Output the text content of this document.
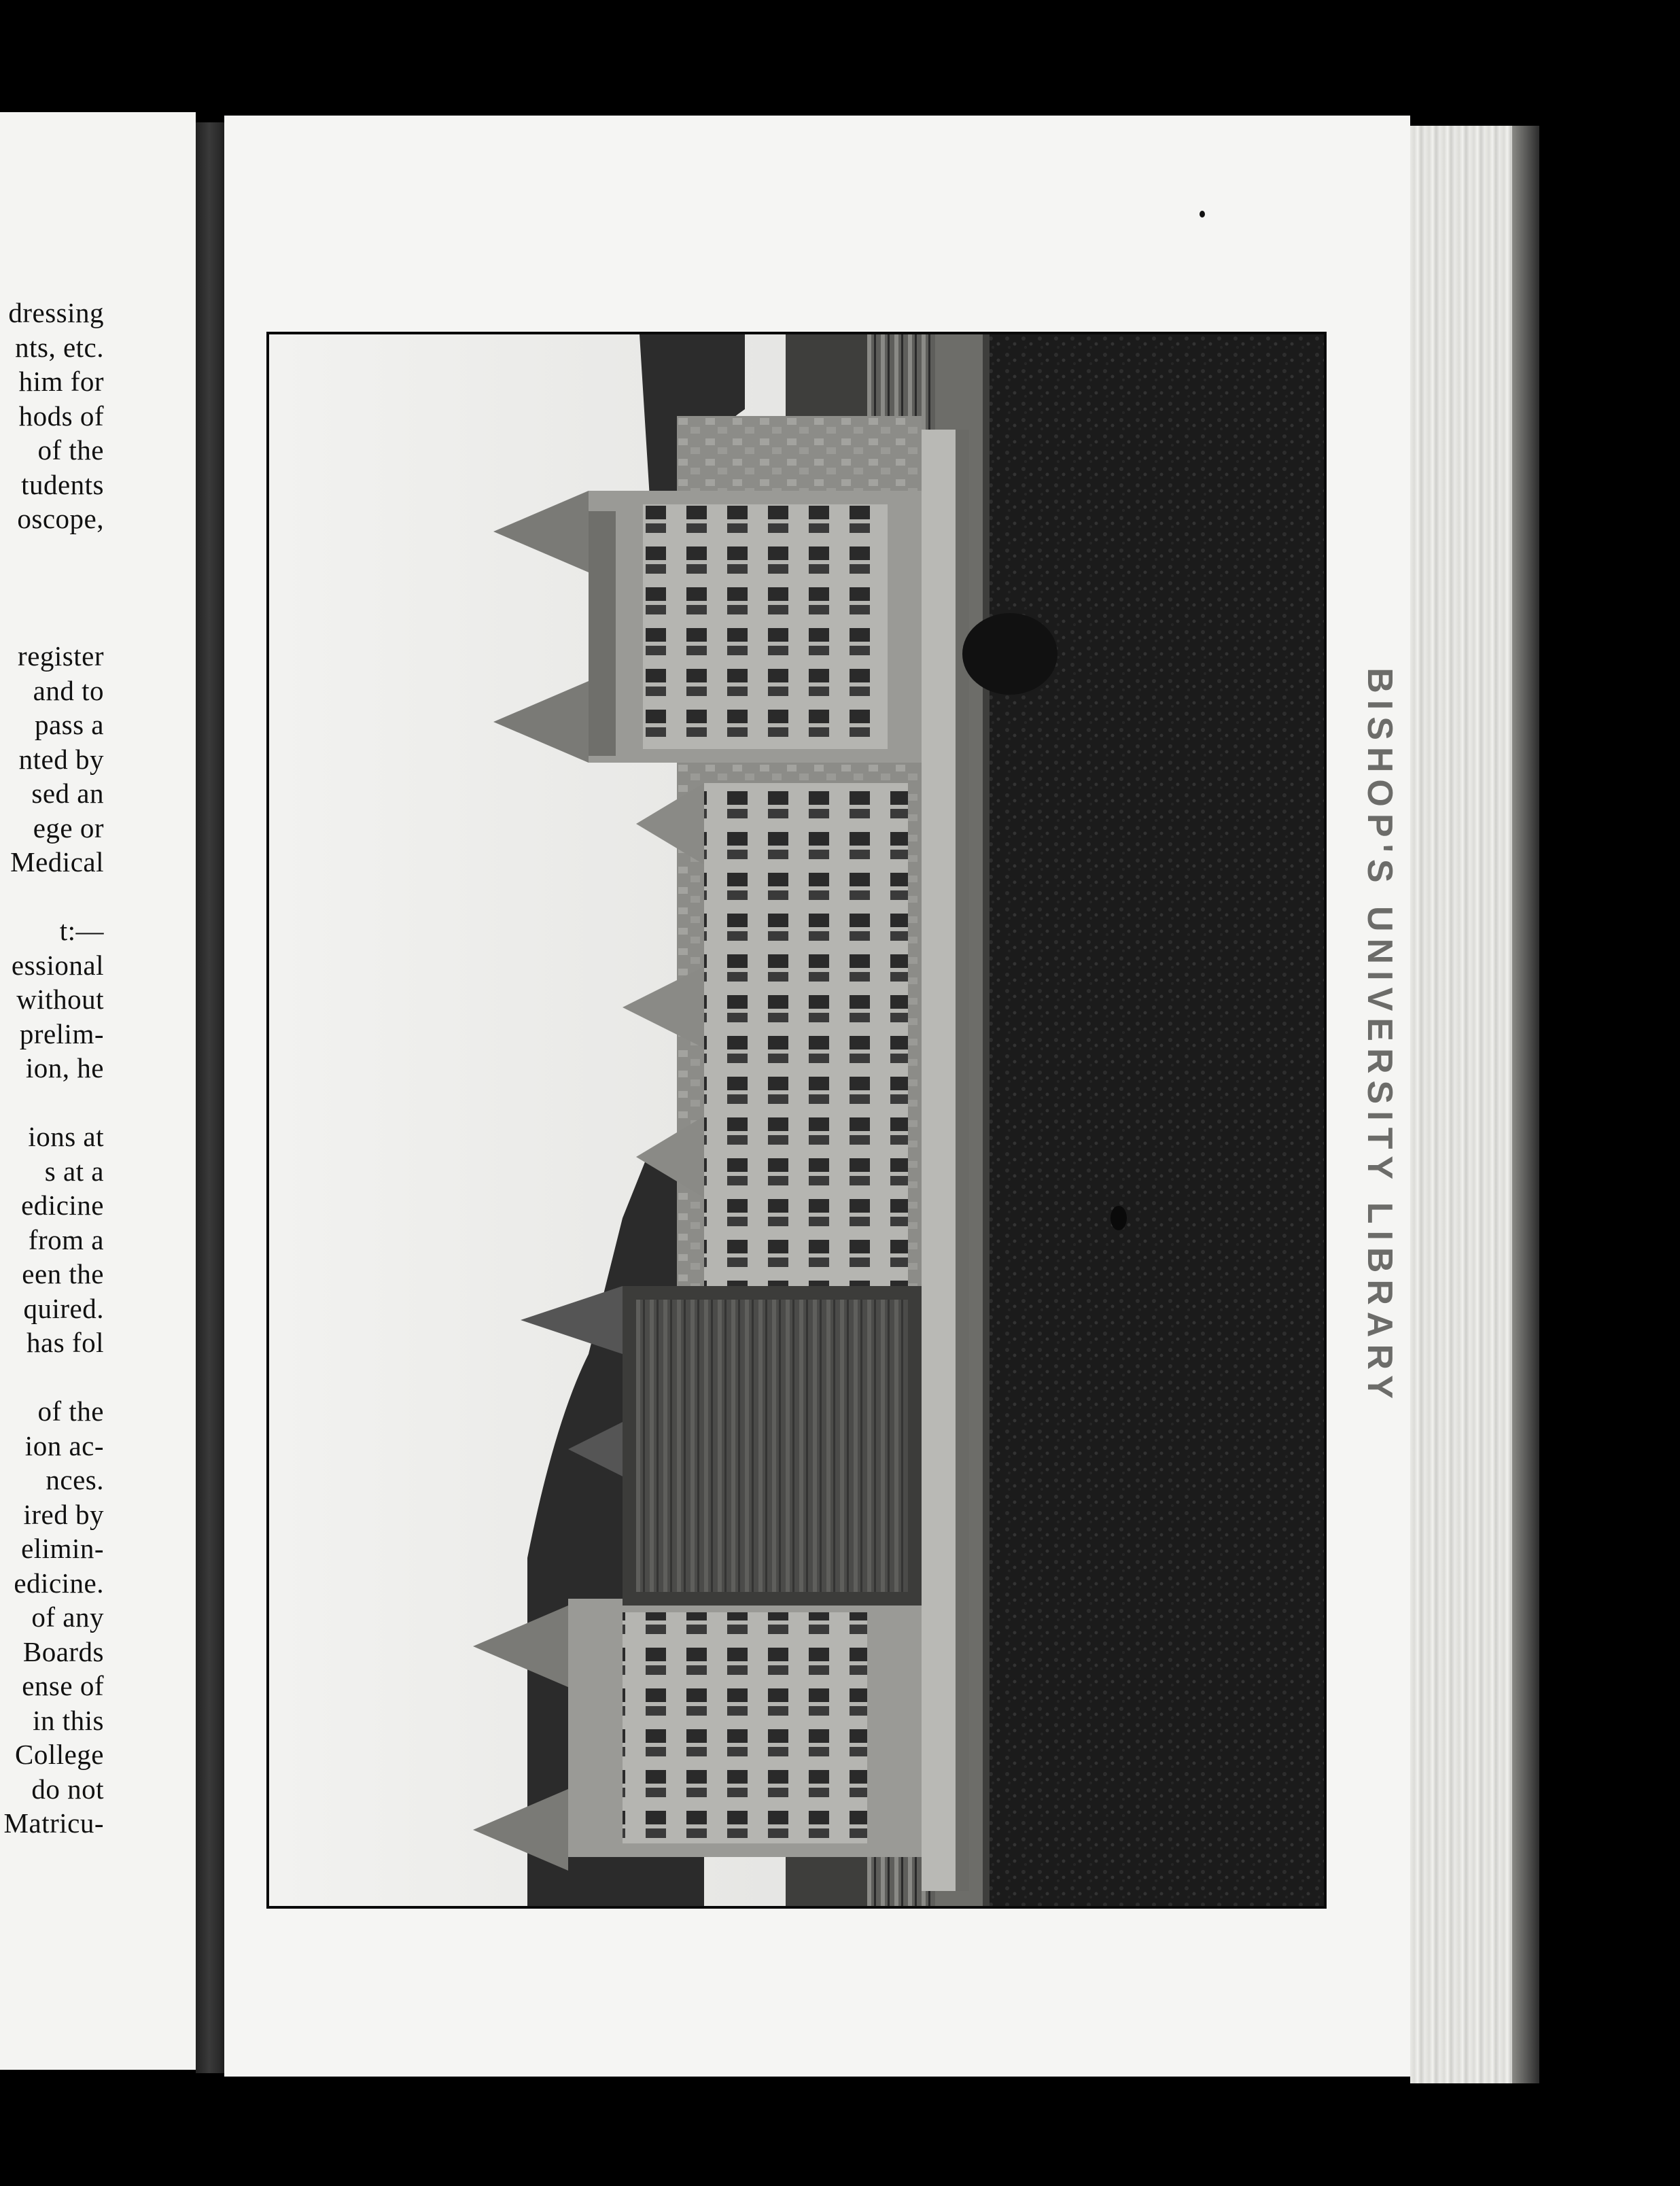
dressing
nts, etc.
him for
hods of
of the
tudents
oscope,
register
and to
pass a
nted by
sed an
ege or
Medical
t:—
essional
without
prelim-
ion, he
ions at
s at a
edicine
from a
een the
quired.
has fol
of the
ion ac-
nces.
ired by
elimin-
edicine.
of any
Boards
ense of
in this
College
do not
Matricu-
BISHOP'S UNIVERSITY LIBRARY
